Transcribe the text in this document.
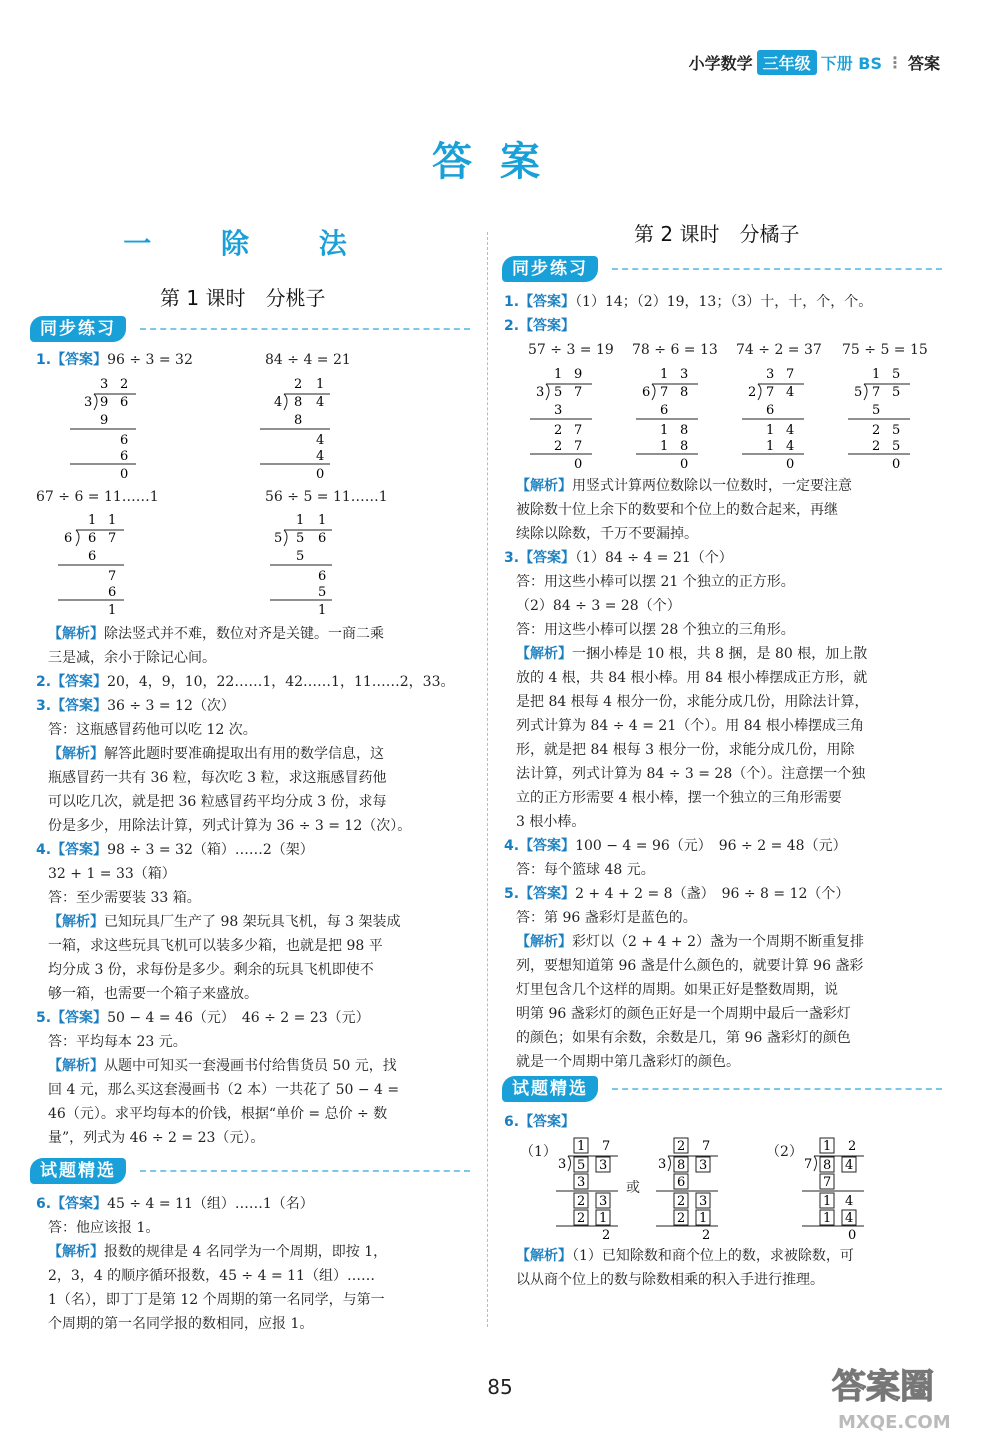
小学数学 三年级 下册 BS ⋮ 答案
答案
一 除 法
第 1 课时　分桃子
同步练习
1.【答案】96 ÷ 3 = 32	84 ÷ 4 = 21
3 2
3 9 6
9
6
6
0
2 1
4 8 4
8
4
4
0
67 ÷ 6 = 11……1	56 ÷ 5 = 11……1
1 1
6 6 7
6
7
6
1
1 1
5 5 6
5
6
5
1
【解析】除法竖式并不难，数位对齐是关键。一商二乘
三是减，余小于除记心间。
2.【答案】20，4，9，10，22……1，42……1，11……2，33。
3.【答案】36 ÷ 3 = 12（次）
答：这瓶感冒药他可以吃 12 次。
【解析】解答此题时要准确提取出有用的数学信息，这
瓶感冒药一共有 36 粒，每次吃 3 粒，求这瓶感冒药他
可以吃几次，就是把 36 粒感冒药平均分成 3 份，求每
份是多少，用除法计算，列式计算为 36 ÷ 3 = 12（次）。
4.【答案】98 ÷ 3 = 32（箱）……2（架）
32 + 1 = 33（箱）
答：至少需要装 33 箱。
【解析】已知玩具厂生产了 98 架玩具飞机，每 3 架装成
一箱，求这些玩具飞机可以装多少箱，也就是把 98 平
均分成 3 份，求每份是多少。剩余的玩具飞机即使不
够一箱，也需要一个箱子来盛放。
5.【答案】50 − 4 = 46（元）　46 ÷ 2 = 23（元）
答：平均每本 23 元。
【解析】从题中可知买一套漫画书付给售货员 50 元，找
回 4 元，那么买这套漫画书（2 本）一共花了 50 − 4 =
46（元）。求平均每本的价钱，根据“单价 = 总价 ÷ 数
量”，列式为 46 ÷ 2 = 23（元）。
试题精选
6.【答案】45 ÷ 4 = 11（组）……1（名）
答：他应该报 1。
【解析】报数的规律是 4 名同学为一个周期，即按 1，
2，3，4 的顺序循环报数，45 ÷ 4 = 11（组）……
1（名），即丁丁是第 12 个周期的第一名同学，与第一
个周期的第一名同学报的数相同，应报 1。
第 2 课时　分橘子
同步练习
1.【答案】（1）14；（2）19，13；（3）十，十，个，个。
2.【答案】
57 ÷ 3 = 19 78 ÷ 6 = 13 74 ÷ 2 = 37 75 ÷ 5 = 15
1 9
3 5 7
3
2 7
2 7
0
1 3
6 7 8
6
1 8
1 8
0
3 7
2 7 4
6
1 4
1 4
0
1 5
5 7 5
5
2 5
2 5
0
【解析】用竖式计算两位数除以一位数时，一定要注意
被除数十位上余下的数要和个位上的数合起来，再继
续除以除数，千万不要漏掉。
3.【答案】（1）84 ÷ 4 = 21（个）
答：用这些小棒可以摆 21 个独立的正方形。
（2）84 ÷ 3 = 28（个）
答：用这些小棒可以摆 28 个独立的三角形。
【解析】一捆小棒是 10 根，共 8 捆，是 80 根，加上散
放的 4 根，共 84 根小棒。用 84 根小棒摆成正方形，就
是把 84 根每 4 根分一份，求能分成几份，用除法计算，
列式计算为 84 ÷ 4 = 21（个）。用 84 根小棒摆成三角
形，就是把 84 根每 3 根分一份，求能分成几份，用除
法计算，列式计算为 84 ÷ 3 = 28（个）。注意摆一个独
立的正方形需要 4 根小棒，摆一个独立的三角形需要
3 根小棒。
4.【答案】100 − 4 = 96（元）　96 ÷ 2 = 48（元）
答：每个篮球 48 元。
5.【答案】2 + 4 + 2 = 8（盏）　96 ÷ 8 = 12（个）
答：第 96 盏彩灯是蓝色的。
【解析】彩灯以（2 + 4 + 2）盏为一个周期不断重复排
列，要想知道第 96 盏是什么颜色的，就要计算 96 盏彩
灯里包含几个这样的周期。如果正好是整数周期，说
明第 96 盏彩灯的颜色正好是一个周期中最后一盏彩灯
的颜色；如果有余数，余数是几，第 96 盏彩灯的颜色
就是一个周期中第几盏彩灯的颜色。
试题精选
6.【答案】
（1） 1 7
3 5 3
3
2 3
2 1
2
或
2 7
3 8 3
6
2 3
2 1
2
（2） 1 2
7 8 4
7
1 4
1 4
0
【解析】（1）已知除数和商个位上的数，求被除数，可
以从商个位上的数与除数相乘的积入手进行推理。
85	答案圈
MXQE.COM
